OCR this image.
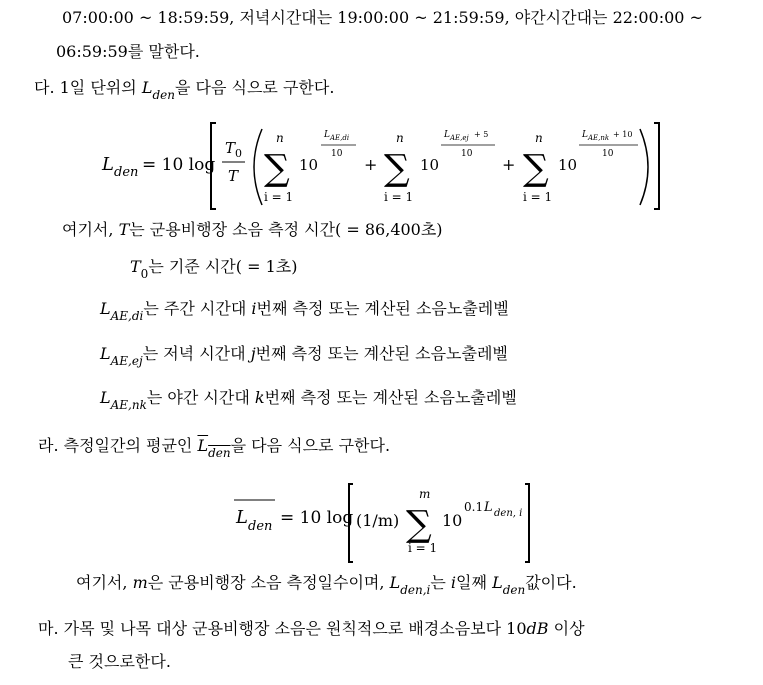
07:00:00 ~ 18:59:59, 저녁시간대는 19:00:00 ~ 21:59:59, 야간시간대는 22:00:00 ~
06:59:59를 말한다.
다. 1일 단위의 $L_{den}$을 다음 식으로 구한다.
L den = 10 log
T 0
T
n
∑
i = 1
10
L AE,di
10
+
n
∑
i = 1
10
L AE,ej + 5
10
+
n
∑
i = 1
10
L AE,nk + 10
10
여기서, T는 군용비행장 소음 측정 시간( = 86,400초)
$T_0$는 기준 시간( = 1초)
$L_{AE,di}$는 주간 시간대 i번째 측정 또는 계산된 소음노출레벨
$L_{AE,ej}$는 저녁 시간대 j번째 측정 또는 계산된 소음노출레벨
$L_{AE,nk}$는 야간 시간대 k번째 측정 또는 계산된 소음노출레벨
라. 측정일간의 평균인 $L_{den}$을 다음 식으로 구한다.
L den = 10 log (1/m)
m
∑
i = 1
10
0.1 L den, i
여기서, m은 군용비행장 소음 측정일수이며, $L_{den,i}$는 i일째 $L_{den}$값이다.
마. 가목 및 나목 대상 군용비행장 소음은 원칙적으로 배경소음보다 10dB 이상
큰 것으로한다.
